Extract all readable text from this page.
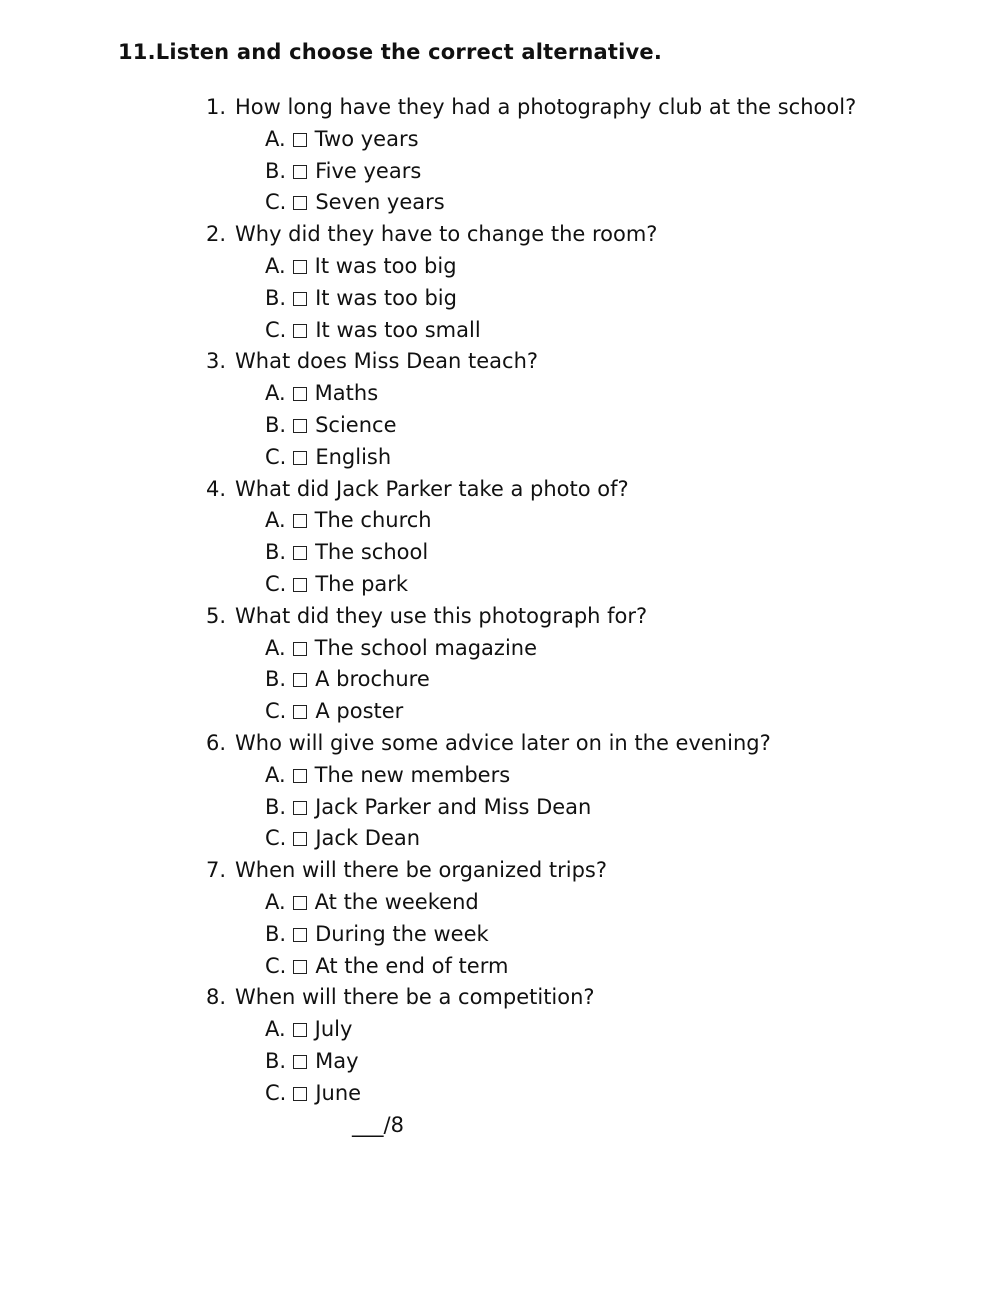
11.Listen and choose the correct alternative.
1. How long have they had a photography club at the school?
A. Two years
B. Five years
C. Seven years
2. Why did they have to change the room?
A. It was too big
B. It was too big
C. It was too small
3. What does Miss Dean teach?
A. Maths
B. Science
C. English
4. What did Jack Parker take a photo of?
A. The church
B. The school
C. The park
5. What did they use this photograph for?
A. The school magazine
B. A brochure
C. A poster
6. Who will give some advice later on in the evening?
A. The new members
B. Jack Parker and Miss Dean
C. Jack Dean
7. When will there be organized trips?
A. At the weekend
B. During the week
C. At the end of term
8. When will there be a competition?
A. July
B. May
C. June
___/8
